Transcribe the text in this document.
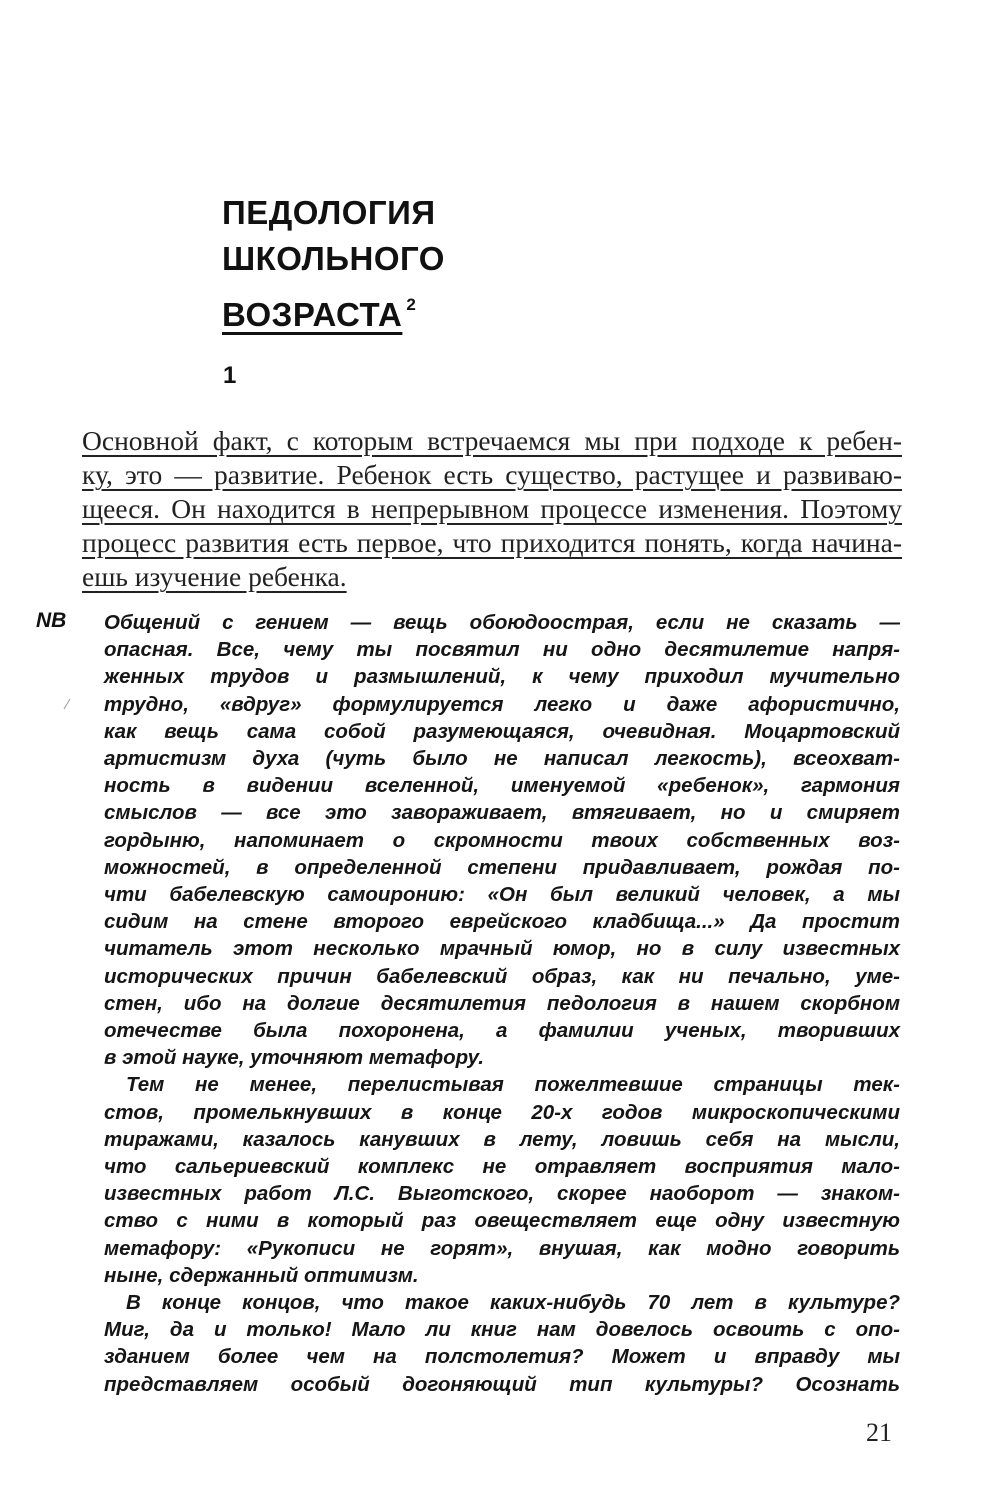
ПЕДОЛОГИЯ
ШКОЛЬНОГО
ВОЗРАСТА $^2$
1
Основной факт, с которым встречаемся мы при подходе к ребен-
ку, это — развитие. Ребенок есть существо, растущее и развиваю-
щееся. Он находится в непрерывном процессе изменения. Поэтому
процесс развития есть первое, что приходится понять, когда начина-
ешь изучение ребенка.
NB Общений с гением — вещь обоюдоострая, если не сказать —
опасная. Все, чему ты посвятил ни одно десятилетие напря-
женных трудов и размышлений, к чему приходил мучительно
трудно, «вдруг» формулируется легко и даже афористично,
как вещь сама собой разумеющаяся, очевидная. Моцартовский
артистизм духа (чуть было не написал легкость), всеохват-
ность в видении вселенной, именуемой «ребенок», гармония
смыслов — все это завораживает, втягивает, но и смиряет
гордыню, напоминает о скромности твоих собственных воз-
можностей, в определенной степени придавливает, рождая по-
чти бабелевскую самоиронию: «Он был великий человек, а мы
сидим на стене второго еврейского кладбища...» Да простит
читатель этот несколько мрачный юмор, но в силу известных
исторических причин бабелевский образ, как ни печально, уме-
стен, ибо на долгие десятилетия педология в нашем скорбном
отечестве была похоронена, а фамилии ученых, творивших
в этой науке, уточняют метафору.
Тем не менее, перелистывая пожелтевшие страницы тек-
стов, промелькнувших в конце 20-х годов микроскопическими
тиражами, казалось канувших в лету, ловишь себя на мысли,
что сальериевский комплекс не отравляет восприятия мало-
известных работ Л.С. Выготского, скорее наоборот — знаком-
ство с ними в который раз овеществляет еще одну известную
метафору: «Рукописи не горят», внушая, как модно говорить
ныне, сдержанный оптимизм.
В конце концов, что такое каких-нибудь 70 лет в культуре?
Миг, да и только! Мало ли книг нам довелось освоить с опо-
зданием более чем на полстолетия? Может и вправду мы
представляем особый догоняющий тип культуры? Осознать
21
